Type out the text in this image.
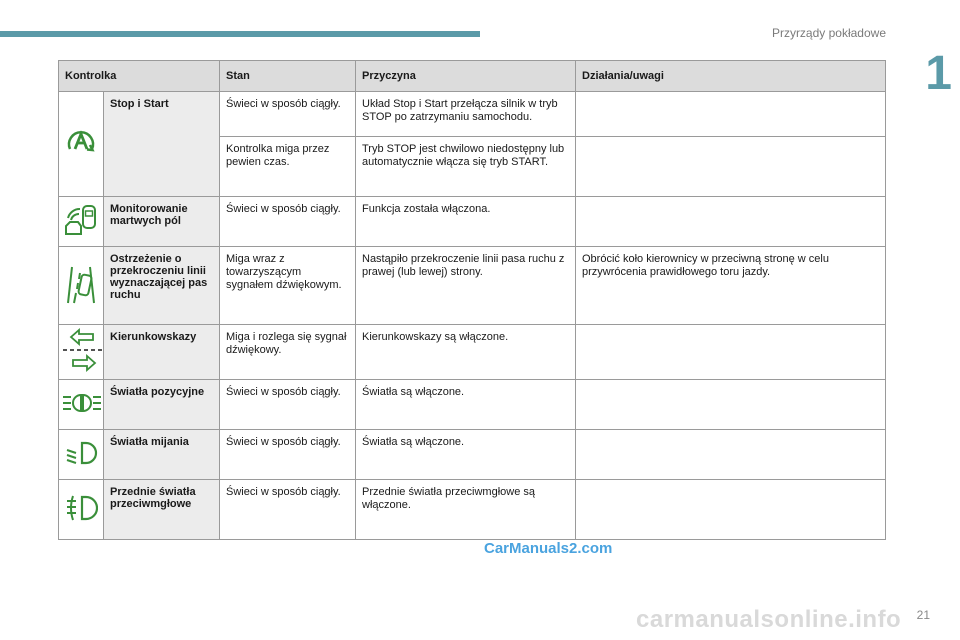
Przyrządy pokładowe
1
Kontrolka		Stan	Przyczyna	Działania/uwagi

	Stop i Start	Świeci w sposób ciągły.	Układ Stop i Start przełącza silnik w tryb STOP po zatrzymaniu samochodu.	
		Kontrolka miga przez pewien czas.	Tryb STOP jest chwilowo niedostępny lub automatycznie włącza się tryb START.	

	Monitorowanie martwych pól	Świeci w sposób ciągły.	Funkcja została włączona.	

	Ostrzeżenie o przekroczeniu linii wyznaczającej pas ruchu	Miga wraz z towarzyszącym sygnałem dźwiękowym.	Nastąpiło przekroczenie linii pasa ruchu z prawej (lub lewej) strony.	Obrócić koło kierownicy w przeciwną stronę w celu przywrócenia prawidłowego toru jazdy.

	Kierunkowskazy	Miga i rozlega się sygnał dźwiękowy.	Kierunkowskazy są włączone.	

	Światła pozycyjne	Świeci w sposób ciągły.	Światła są włączone.	

	Światła mijania	Świeci w sposób ciągły.	Światła są włączone.	

	Przednie światła przeciwmgłowe	Świeci w sposób ciągły.	Przednie światła przeciwmgłowe są włączone.	
CarManuals2.com
carmanualsonline.info 21
